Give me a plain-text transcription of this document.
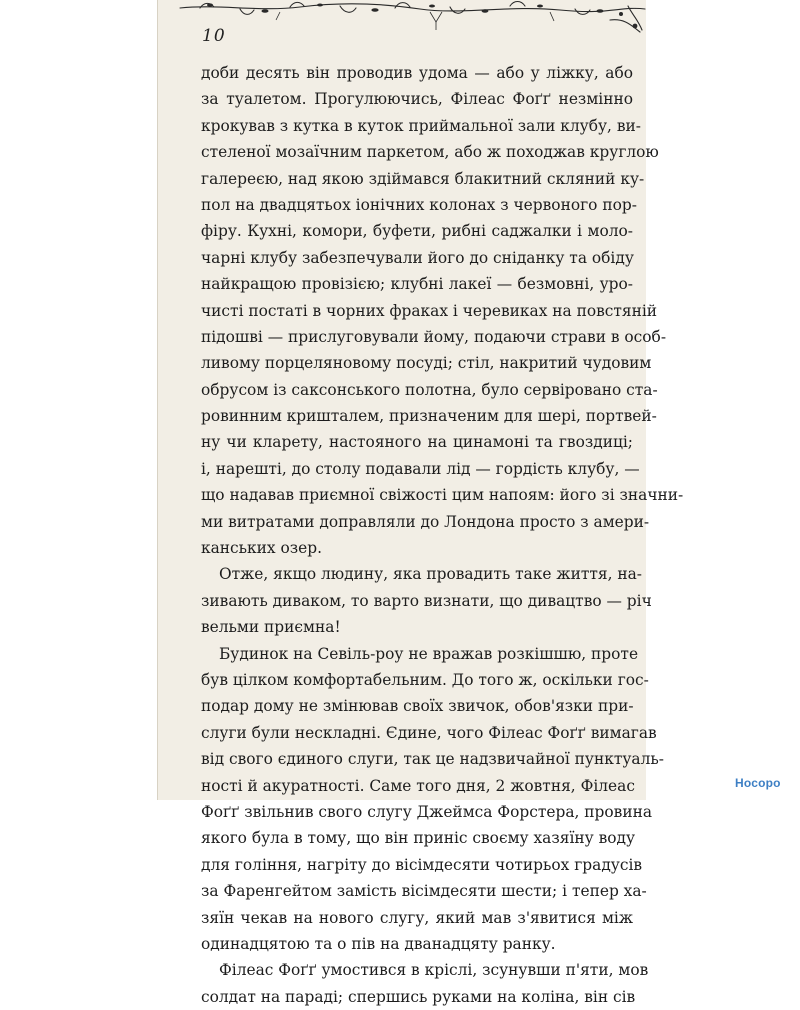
10

доби десять він проводив удома — або у ліжку, або
за туалетом. Прогулюючись, Філеас Фоґґ незмінно
крокував з кутка в куток приймальної зали клубу, ви-
стеленої мозаїчним паркетом, або ж походжав круглою
галереєю, над якою здіймався блакитний скляний ку-
пол на двадцятьох іонічних колонах з червоного пор-
фіру. Кухні, комори, буфети, рибні саджалки і моло-
чарні клубу забезпечували його до сніданку та обіду
найкращою провізією; клубні лакеї — безмовні, уро-
чисті постаті в чорних фраках і черевиках на повстяній
підошві — прислуговували йому, подаючи страви в особ-
ливому порцеляновому посуді; стіл, накритий чудовим
обрусом із саксонського полотна, було сервіровано ста-
ровинним кришталем, призначеним для шері, портвей-
ну чи кларету, настояного на цинамоні та гвоздиці;
і, нарешті, до столу подавали лід — гордість клубу, —
що надавав приємної свіжості цим напоям: його зі значни-
ми витратами доправляли до Лондона просто з амери-
канських озер.

Отже, якщо людину, яка провадить таке життя, на-
зивають диваком, то варто визнати, що дивацтво — річ
вельми приємна!

Будинок на Севіль-роу не вражав розкішшю, проте
був цілком комфортабельним. До того ж, оскільки гос-
подар дому не змінював своїх звичок, обов'язки при-
слуги були нескладні. Єдине, чого Філеас Фоґґ вимагав
від свого єдиного слуги, так це надзвичайної пунктуаль-
ності й акуратності. Саме того дня, 2 жовтня, Філеас
Фоґґ звільнив свого слугу Джеймса Форстера, провина
якого була в тому, що він приніс своєму хазяїну воду
для гоління, нагріту до вісімдесяти чотирьох градусів
за Фаренгейтом замість вісімдесяти шести; і тепер ха-
зяїн чекав на нового слугу, який мав з'явитися між
одинадцятою та о пів на дванадцяту ранку.

Філеас Фоґґ умостився в кріслі, зсунувши п'яти, мов
солдат на параді; спершись руками на коліна, він сів

Носоро
